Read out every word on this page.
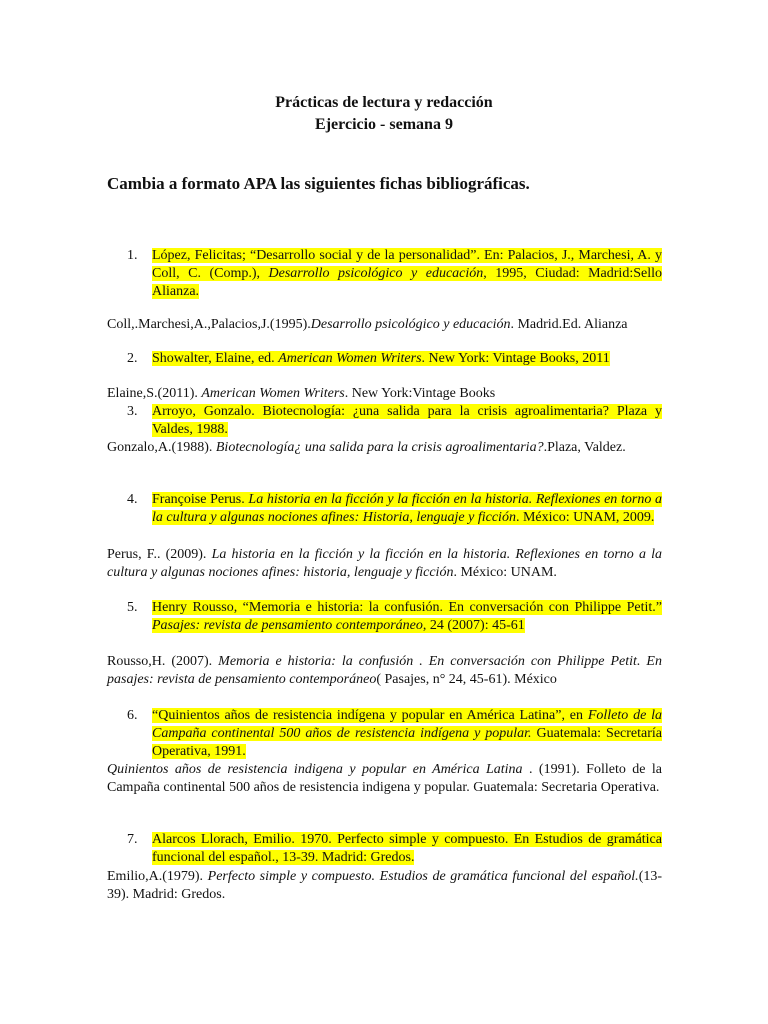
Prácticas de lectura y redacción
Ejercicio - semana 9
Cambia a formato APA las siguientes fichas bibliográficas.
1. López, Felicitas; “Desarrollo social y de la personalidad”. En: Palacios, J., Marchesi, A. y Coll, C. (Comp.), Desarrollo psicológico y educación, 1995, Ciudad: Madrid:Sello Alianza.
Coll,.Marchesi,A.,Palacios,J.(1995).Desarrollo psicológico y educación. Madrid.Ed. Alianza
2. Showalter, Elaine, ed. American Women Writers. New York: Vintage Books, 2011
Elaine,S.(2011). American Women Writers. New York:Vintage Books
3. Arroyo, Gonzalo. Biotecnología: ¿una salida para la crisis agroalimentaria? Plaza y Valdes, 1988.
Gonzalo,A.(1988). Biotecnología¿ una salida para la crisis agroalimentaria?.Plaza, Valdez.
4. Françoise Perus. La historia en la ficción y la ficción en la historia. Reflexiones en torno a la cultura y algunas nociones afines: Historia, lenguaje y ficción. México: UNAM, 2009.
Perus, F.. (2009). La historia en la ficción y la ficción en la historia. Reflexiones en torno a la cultura y algunas nociones afines: historia, lenguaje y ficción. México: UNAM.
5. Henry Rousso, “Memoria e historia: la confusión. En conversación con Philippe Petit.” Pasajes: revista de pensamiento contemporáneo, 24 (2007): 45-61
Rousso,H. (2007). Memoria e historia: la confusión . En conversación con Philippe Petit. En pasajes: revista de pensamiento contemporáneo( Pasajes, n° 24, 45-61). México
6. “Quinientos años de resistencia indígena y popular en América Latina”, en Folleto de la Campaña continental 500 años de resistencia indígena y popular. Guatemala: Secretaría Operativa, 1991.
Quinientos años de resistencia indigena y popular en América Latina . (1991). Folleto de la Campaña continental 500 años de resistencia indigena y popular. Guatemala: Secretaria Operativa.
7. Alarcos Llorach, Emilio. 1970. Perfecto simple y compuesto. En Estudios de gramática funcional del español., 13-39. Madrid: Gredos.
Emilio,A.(1979). Perfecto simple y compuesto. Estudios de gramática funcional del español.(13-39). Madrid: Gredos.
